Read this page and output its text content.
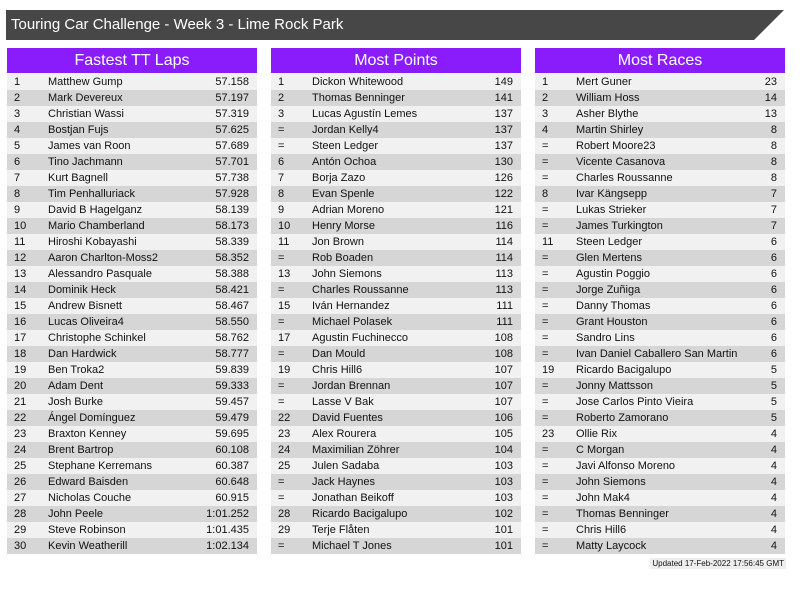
Touring Car Challenge - Week 3 - Lime Rock Park
Fastest TT Laps
1	Matthew Gump	57.158
2	Mark Devereux	57.197
3	Christian Wassi	57.319
4	Bostjan Fujs	57.625
5	James van Roon	57.689
6	Tino Jachmann	57.701
7	Kurt Bagnell	57.738
8	Tim Penhalluriack	57.928
9	David B Hagelganz	58.139
10 Mario Chamberland	58.173
11 Hiroshi Kobayashi	58.339
12 Aaron Charlton-Moss2	58.352
13 Alessandro Pasquale	58.388
14 Dominik Heck	58.421
15 Andrew Bisnett	58.467
16 Lucas Oliveira4	58.550
17 Christophe Schinkel	58.762
18 Dan Hardwick	58.777
19 Ben Troka2	59.839
20 Adam Dent	59.333
21 Josh Burke	59.457
22 Ángel Domínguez	59.479
23 Braxton Kenney	59.695
24 Brent Bartrop	60.108
25 Stephane Kerremans	60.387
26 Edward Baisden	60.648
27 Nicholas Couche	60.915
28 John Peele	1:01.252
29 Steve Robinson	1:01.435
30 Kevin Weatherill	1:02.134
Most Points
1	Dickon Whitewood	149
2	Thomas Benninger	141
3	Lucas Agustín Lemes	137
=	Jordan Kelly4	137
=	Steen Ledger	137
6	Antón Ochoa	130
7	Borja Zazo	126
8	Evan Spenle	122
9	Adrian Moreno	121
10 Henry Morse	116
11 Jon Brown	114
=	Rob Boaden	114
13 John Siemons	113
=	Charles Roussanne	113
15 Iván Hernandez	111
=	Michael Polasek	111
17 Agustin Fuchinecco	108
=	Dan Mould	108
19 Chris Hill6	107
=	Jordan Brennan	107
=	Lasse V Bak	107
22 David Fuentes	106
23 Alex Rourera	105
24 Maximilian Zöhrer	104
25 Julen Sadaba	103
=	Jack Haynes	103
=	Jonathan Beikoff	103
28 Ricardo Bacigalupo	102
29 Terje Flåten	101
=	Michael T Jones	101
Most Races
1	Mert Guner	23
2	William Hoss	14
3	Asher Blythe	13
4	Martin Shirley	8
=	Robert Moore23	8
=	Vicente Casanova	8
=	Charles Roussanne	8
8	Ivar Kängsepp	7
=	Lukas Strieker	7
=	James Turkington	7
11 Steen Ledger	6
=	Glen Mertens	6
=	Agustin Poggio	6
=	Jorge Zuñiga	6
=	Danny Thomas	6
=	Grant Houston	6
=	Sandro Lins	6
=	Ivan Daniel Caballero San Martin	6
19 Ricardo Bacigalupo	5
=	Jonny Mattsson	5
=	Jose Carlos Pinto Vieira	5
=	Roberto Zamorano	5
23 Ollie Rix	4
=	C Morgan	4
=	Javi Alfonso Moreno	4
=	John Siemons	4
=	John Mak4	4
=	Thomas Benninger	4
=	Chris Hill6	4
=	Matty Laycock	4
Updated 17-Feb-2022 17:56:45 GMT
